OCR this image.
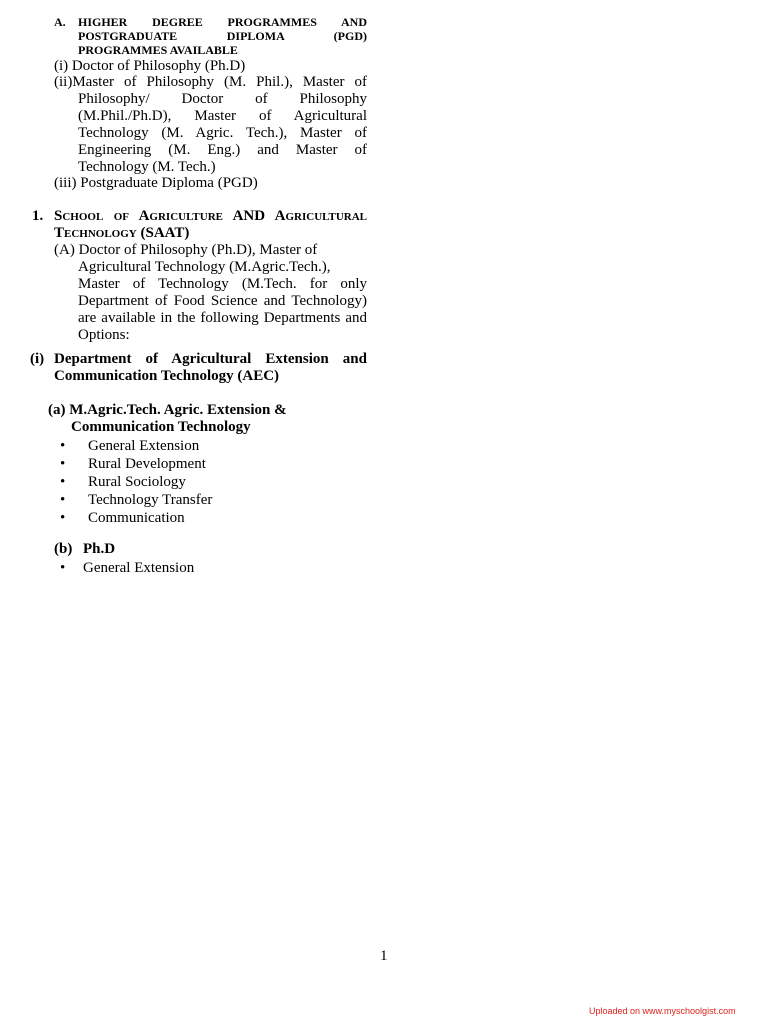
A. HIGHER DEGREE PROGRAMMES AND
POSTGRADUATE DIPLOMA (PGD)
PROGRAMMES AVAILABLE
(i) Doctor of Philosophy (Ph.D)
(ii)Master of Philosophy (M. Phil.), Master of
Philosophy/ Doctor of Philosophy
(M.Phil./Ph.D), Master of Agricultural
Technology (M. Agric. Tech.), Master of
Engineering (M. Eng.) and Master of
Technology (M. Tech.)
(iii) Postgraduate Diploma (PGD)
1. School of Agriculture AND Agricultural
Technology (SAAT)
(A) Doctor of Philosophy (Ph.D), Master of
Agricultural Technology (M.Agric.Tech.),
Master of Technology (M.Tech. for only
Department of Food Science and Technology)
are available in the following Departments and
Options:
(i) Department of Agricultural Extension and
Communication Technology (AEC)
(a) M.Agric.Tech. Agric. Extension &
Communication Technology
• General Extension
• Rural Development
• Rural Sociology
• Technology Transfer
• Communication
(b) Ph.D
• General Extension
1
Uploaded on www.myschoolgist.com
